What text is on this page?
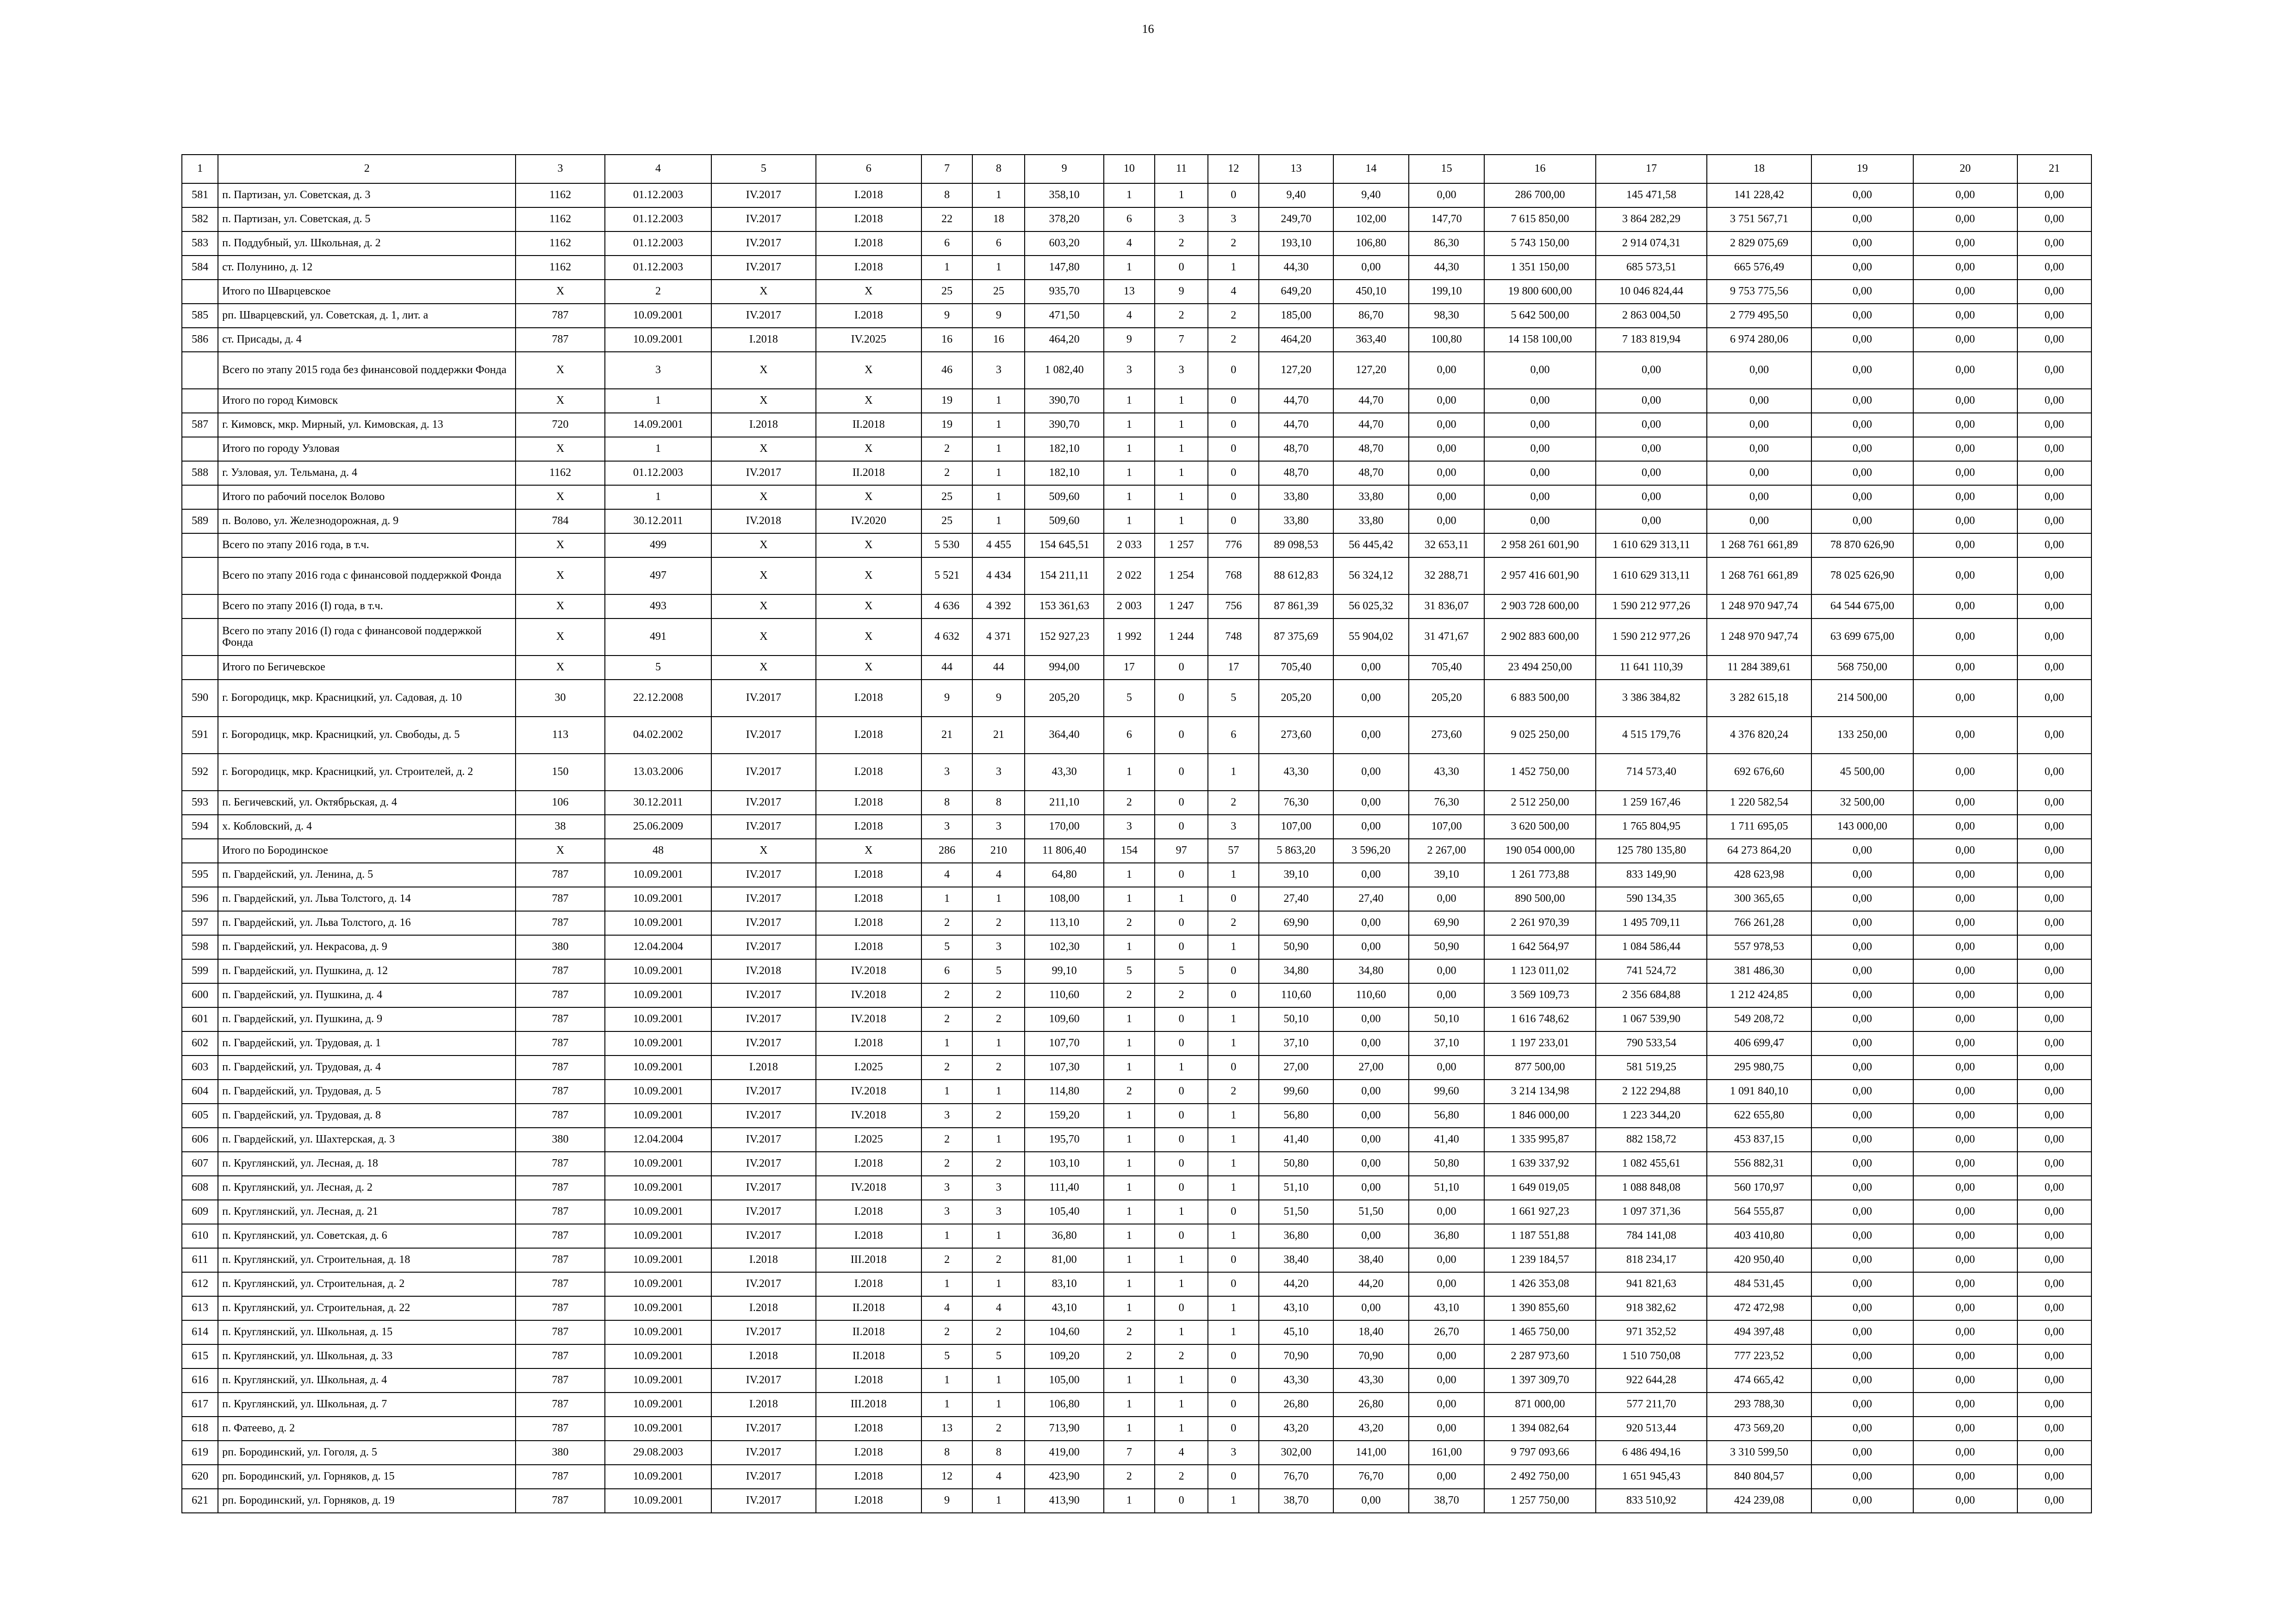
16
1	2	3	4	5	6	7	8	9	10	11	12	13	14	15	16	17	18	19	20	21
581	п. Партизан, ул. Советская, д. 3	1162	01.12.2003	IV.2017	I.2018	8	1	358,10	1	1	0	9,40	9,40	0,00	286 700,00	145 471,58	141 228,42	0,00	0,00	0,00
582	п. Партизан, ул. Советская, д. 5	1162	01.12.2003	IV.2017	I.2018	22	18	378,20	6	3	3	249,70	102,00	147,70	7 615 850,00	3 864 282,29	3 751 567,71	0,00	0,00	0,00
583	п. Поддубный, ул. Школьная, д. 2	1162	01.12.2003	IV.2017	I.2018	6	6	603,20	4	2	2	193,10	106,80	86,30	5 743 150,00	2 914 074,31	2 829 075,69	0,00	0,00	0,00
584	ст. Полунино, д. 12	1162	01.12.2003	IV.2017	I.2018	1	1	147,80	1	0	1	44,30	0,00	44,30	1 351 150,00	685 573,51	665 576,49	0,00	0,00	0,00
	Итого по Шварцевское	X	2	X	X	25	25	935,70	13	9	4	649,20	450,10	199,10	19 800 600,00	10 046 824,44	9 753 775,56	0,00	0,00	0,00
585	рп. Шварцевский, ул. Советская, д. 1, лит. а	787	10.09.2001	IV.2017	I.2018	9	9	471,50	4	2	2	185,00	86,70	98,30	5 642 500,00	2 863 004,50	2 779 495,50	0,00	0,00	0,00
586	ст. Присады, д. 4	787	10.09.2001	I.2018	IV.2025	16	16	464,20	9	7	2	464,20	363,40	100,80	14 158 100,00	7 183 819,94	6 974 280,06	0,00	0,00	0,00
	Всего по этапу 2015 года без финансовой поддержки Фонда	X	3	X	X	46	3	1 082,40	3	3	0	127,20	127,20	0,00	0,00	0,00	0,00	0,00	0,00	0,00
	Итого по город Кимовск	X	1	X	X	19	1	390,70	1	1	0	44,70	44,70	0,00	0,00	0,00	0,00	0,00	0,00	0,00
587	г. Кимовск, мкр. Мирный, ул. Кимовская, д. 13	720	14.09.2001	I.2018	II.2018	19	1	390,70	1	1	0	44,70	44,70	0,00	0,00	0,00	0,00	0,00	0,00	0,00
	Итого по городу Узловая	X	1	X	X	2	1	182,10	1	1	0	48,70	48,70	0,00	0,00	0,00	0,00	0,00	0,00	0,00
588	г. Узловая, ул. Тельмана, д. 4	1162	01.12.2003	IV.2017	II.2018	2	1	182,10	1	1	0	48,70	48,70	0,00	0,00	0,00	0,00	0,00	0,00	0,00
	Итого по рабочий поселок Волово	X	1	X	X	25	1	509,60	1	1	0	33,80	33,80	0,00	0,00	0,00	0,00	0,00	0,00	0,00
589	п. Волово, ул. Железнодорожная, д. 9	784	30.12.2011	IV.2018	IV.2020	25	1	509,60	1	1	0	33,80	33,80	0,00	0,00	0,00	0,00	0,00	0,00	0,00
	Всего по этапу 2016 года, в т.ч.	X	499	X	X	5 530	4 455	154 645,51	2 033	1 257	776	89 098,53	56 445,42	32 653,11	2 958 261 601,90	1 610 629 313,11	1 268 761 661,89	78 870 626,90	0,00	0,00
	Всего по этапу 2016 года с финансовой поддержкой Фонда	X	497	X	X	5 521	4 434	154 211,11	2 022	1 254	768	88 612,83	56 324,12	32 288,71	2 957 416 601,90	1 610 629 313,11	1 268 761 661,89	78 025 626,90	0,00	0,00
	Всего по этапу 2016 (I) года, в т.ч.	X	493	X	X	4 636	4 392	153 361,63	2 003	1 247	756	87 861,39	56 025,32	31 836,07	2 903 728 600,00	1 590 212 977,26	1 248 970 947,74	64 544 675,00	0,00	0,00
	Всего по этапу 2016 (I) года с финансовой поддержкой Фонда	X	491	X	X	4 632	4 371	152 927,23	1 992	1 244	748	87 375,69	55 904,02	31 471,67	2 902 883 600,00	1 590 212 977,26	1 248 970 947,74	63 699 675,00	0,00	0,00
	Итого по Бегичевское	X	5	X	X	44	44	994,00	17	0	17	705,40	0,00	705,40	23 494 250,00	11 641 110,39	11 284 389,61	568 750,00	0,00	0,00
590	г. Богородицк, мкр. Красницкий, ул. Садовая, д. 10	30	22.12.2008	IV.2017	I.2018	9	9	205,20	5	0	5	205,20	0,00	205,20	6 883 500,00	3 386 384,82	3 282 615,18	214 500,00	0,00	0,00
591	г. Богородицк, мкр. Красницкий, ул. Свободы, д. 5	113	04.02.2002	IV.2017	I.2018	21	21	364,40	6	0	6	273,60	0,00	273,60	9 025 250,00	4 515 179,76	4 376 820,24	133 250,00	0,00	0,00
592	г. Богородицк, мкр. Красницкий, ул. Строителей, д. 2	150	13.03.2006	IV.2017	I.2018	3	3	43,30	1	0	1	43,30	0,00	43,30	1 452 750,00	714 573,40	692 676,60	45 500,00	0,00	0,00
593	п. Бегичевский, ул. Октябрьская, д. 4	106	30.12.2011	IV.2017	I.2018	8	8	211,10	2	0	2	76,30	0,00	76,30	2 512 250,00	1 259 167,46	1 220 582,54	32 500,00	0,00	0,00
594	х. Кобловский, д. 4	38	25.06.2009	IV.2017	I.2018	3	3	170,00	3	0	3	107,00	0,00	107,00	3 620 500,00	1 765 804,95	1 711 695,05	143 000,00	0,00	0,00
	Итого по Бородинское	X	48	X	X	286	210	11 806,40	154	97	57	5 863,20	3 596,20	2 267,00	190 054 000,00	125 780 135,80	64 273 864,20	0,00	0,00	0,00
595	п. Гвардейский, ул. Ленина, д. 5	787	10.09.2001	IV.2017	I.2018	4	4	64,80	1	0	1	39,10	0,00	39,10	1 261 773,88	833 149,90	428 623,98	0,00	0,00	0,00
596	п. Гвардейский, ул. Льва Толстого, д. 14	787	10.09.2001	IV.2017	I.2018	1	1	108,00	1	1	0	27,40	27,40	0,00	890 500,00	590 134,35	300 365,65	0,00	0,00	0,00
597	п. Гвардейский, ул. Льва Толстого, д. 16	787	10.09.2001	IV.2017	I.2018	2	2	113,10	2	0	2	69,90	0,00	69,90	2 261 970,39	1 495 709,11	766 261,28	0,00	0,00	0,00
598	п. Гвардейский, ул. Некрасова, д. 9	380	12.04.2004	IV.2017	I.2018	5	3	102,30	1	0	1	50,90	0,00	50,90	1 642 564,97	1 084 586,44	557 978,53	0,00	0,00	0,00
599	п. Гвардейский, ул. Пушкина, д. 12	787	10.09.2001	IV.2018	IV.2018	6	5	99,10	5	5	0	34,80	34,80	0,00	1 123 011,02	741 524,72	381 486,30	0,00	0,00	0,00
600	п. Гвардейский, ул. Пушкина, д. 4	787	10.09.2001	IV.2017	IV.2018	2	2	110,60	2	2	0	110,60	110,60	0,00	3 569 109,73	2 356 684,88	1 212 424,85	0,00	0,00	0,00
601	п. Гвардейский, ул. Пушкина, д. 9	787	10.09.2001	IV.2017	IV.2018	2	2	109,60	1	0	1	50,10	0,00	50,10	1 616 748,62	1 067 539,90	549 208,72	0,00	0,00	0,00
602	п. Гвардейский, ул. Трудовая, д. 1	787	10.09.2001	IV.2017	I.2018	1	1	107,70	1	0	1	37,10	0,00	37,10	1 197 233,01	790 533,54	406 699,47	0,00	0,00	0,00
603	п. Гвардейский, ул. Трудовая, д. 4	787	10.09.2001	I.2018	I.2025	2	2	107,30	1	1	0	27,00	27,00	0,00	877 500,00	581 519,25	295 980,75	0,00	0,00	0,00
604	п. Гвардейский, ул. Трудовая, д. 5	787	10.09.2001	IV.2017	IV.2018	1	1	114,80	2	0	2	99,60	0,00	99,60	3 214 134,98	2 122 294,88	1 091 840,10	0,00	0,00	0,00
605	п. Гвардейский, ул. Трудовая, д. 8	787	10.09.2001	IV.2017	IV.2018	3	2	159,20	1	0	1	56,80	0,00	56,80	1 846 000,00	1 223 344,20	622 655,80	0,00	0,00	0,00
606	п. Гвардейский, ул. Шахтерская, д. 3	380	12.04.2004	IV.2017	I.2025	2	1	195,70	1	0	1	41,40	0,00	41,40	1 335 995,87	882 158,72	453 837,15	0,00	0,00	0,00
607	п. Круглянский, ул. Лесная, д. 18	787	10.09.2001	IV.2017	I.2018	2	2	103,10	1	0	1	50,80	0,00	50,80	1 639 337,92	1 082 455,61	556 882,31	0,00	0,00	0,00
608	п. Круглянский, ул. Лесная, д. 2	787	10.09.2001	IV.2017	IV.2018	3	3	111,40	1	0	1	51,10	0,00	51,10	1 649 019,05	1 088 848,08	560 170,97	0,00	0,00	0,00
609	п. Круглянский, ул. Лесная, д. 21	787	10.09.2001	IV.2017	I.2018	3	3	105,40	1	1	0	51,50	51,50	0,00	1 661 927,23	1 097 371,36	564 555,87	0,00	0,00	0,00
610	п. Круглянский, ул. Советская, д. 6	787	10.09.2001	IV.2017	I.2018	1	1	36,80	1	0	1	36,80	0,00	36,80	1 187 551,88	784 141,08	403 410,80	0,00	0,00	0,00
611	п. Круглянский, ул. Строительная, д. 18	787	10.09.2001	I.2018	III.2018	2	2	81,00	1	1	0	38,40	38,40	0,00	1 239 184,57	818 234,17	420 950,40	0,00	0,00	0,00
612	п. Круглянский, ул. Строительная, д. 2	787	10.09.2001	IV.2017	I.2018	1	1	83,10	1	1	0	44,20	44,20	0,00	1 426 353,08	941 821,63	484 531,45	0,00	0,00	0,00
613	п. Круглянский, ул. Строительная, д. 22	787	10.09.2001	I.2018	II.2018	4	4	43,10	1	0	1	43,10	0,00	43,10	1 390 855,60	918 382,62	472 472,98	0,00	0,00	0,00
614	п. Круглянский, ул. Школьная, д. 15	787	10.09.2001	IV.2017	II.2018	2	2	104,60	2	1	1	45,10	18,40	26,70	1 465 750,00	971 352,52	494 397,48	0,00	0,00	0,00
615	п. Круглянский, ул. Школьная, д. 33	787	10.09.2001	I.2018	II.2018	5	5	109,20	2	2	0	70,90	70,90	0,00	2 287 973,60	1 510 750,08	777 223,52	0,00	0,00	0,00
616	п. Круглянский, ул. Школьная, д. 4	787	10.09.2001	IV.2017	I.2018	1	1	105,00	1	1	0	43,30	43,30	0,00	1 397 309,70	922 644,28	474 665,42	0,00	0,00	0,00
617	п. Круглянский, ул. Школьная, д. 7	787	10.09.2001	I.2018	III.2018	1	1	106,80	1	1	0	26,80	26,80	0,00	871 000,00	577 211,70	293 788,30	0,00	0,00	0,00
618	п. Фатеево, д. 2	787	10.09.2001	IV.2017	I.2018	13	2	713,90	1	1	0	43,20	43,20	0,00	1 394 082,64	920 513,44	473 569,20	0,00	0,00	0,00
619	рп. Бородинский, ул. Гоголя, д. 5	380	29.08.2003	IV.2017	I.2018	8	8	419,00	7	4	3	302,00	141,00	161,00	9 797 093,66	6 486 494,16	3 310 599,50	0,00	0,00	0,00
620	рп. Бородинский, ул. Горняков, д. 15	787	10.09.2001	IV.2017	I.2018	12	4	423,90	2	2	0	76,70	76,70	0,00	2 492 750,00	1 651 945,43	840 804,57	0,00	0,00	0,00
621	рп. Бородинский, ул. Горняков, д. 19	787	10.09.2001	IV.2017	I.2018	9	1	413,90	1	0	1	38,70	0,00	38,70	1 257 750,00	833 510,92	424 239,08	0,00	0,00	0,00
